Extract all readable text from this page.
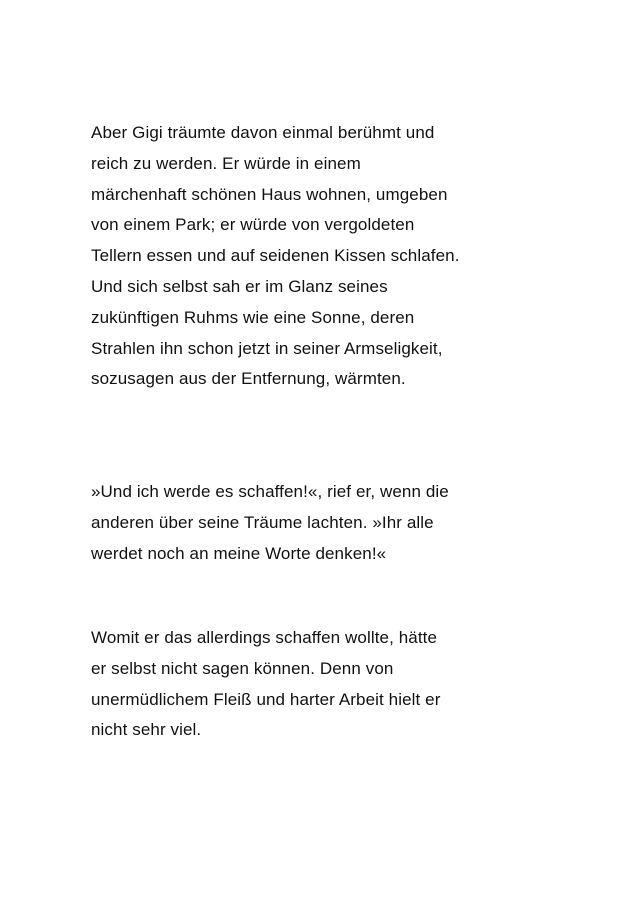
Aber Gigi träumte davon einmal berühmt und
reich zu werden. Er würde in einem
märchenhaft schönen Haus wohnen, umgeben
von einem Park; er würde von vergoldeten
Tellern essen und auf seidenen Kissen schlafen.
Und sich selbst sah er im Glanz seines
zukünftigen Ruhms wie eine Sonne, deren
Strahlen ihn schon jetzt in seiner Armseligkeit,
sozusagen aus der Entfernung, wärmten.
»Und ich werde es schaffen!«, rief er, wenn die
anderen über seine Träume lachten. »Ihr alle
werdet noch an meine Worte denken!«
Womit er das allerdings schaffen wollte, hätte
er selbst nicht sagen können. Denn von
unermüdlichem Fleiß und harter Arbeit hielt er
nicht sehr viel.
